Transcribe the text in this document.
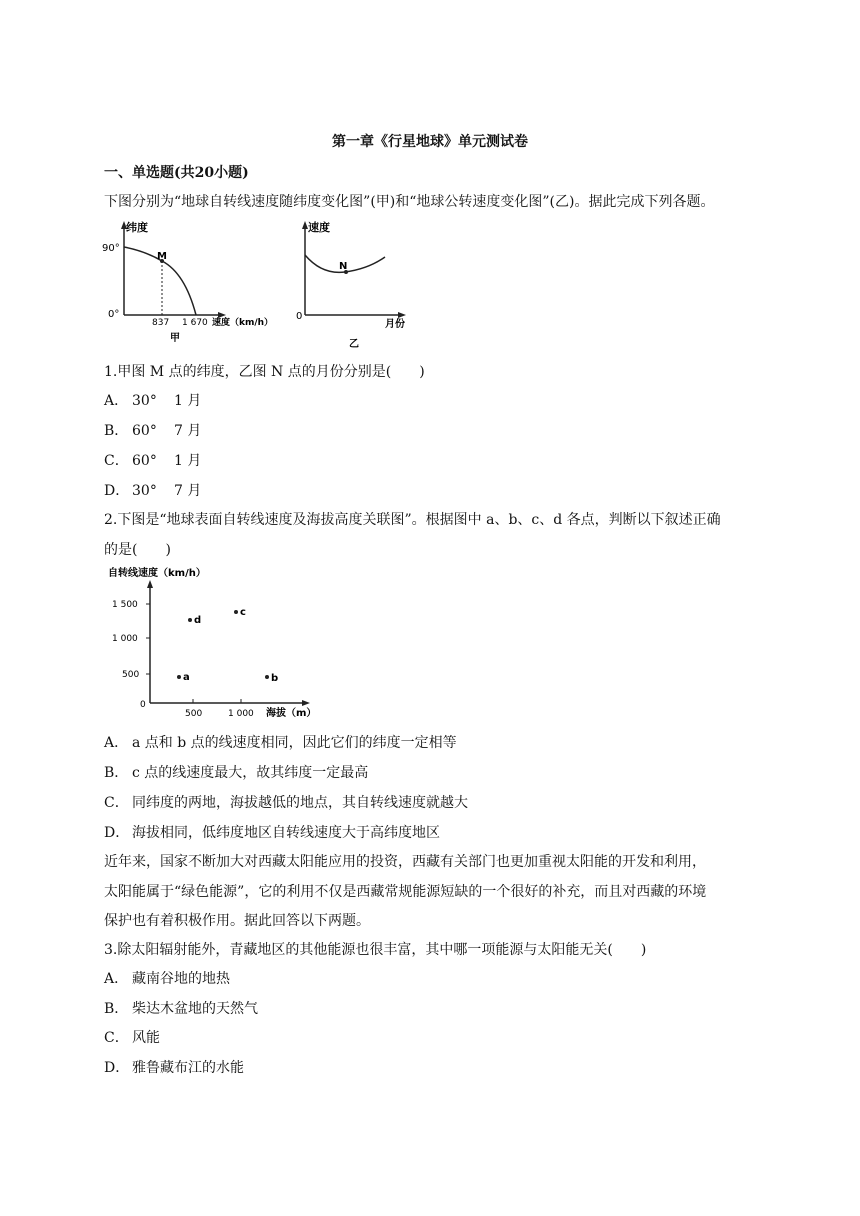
第一章《行星地球》单元测试卷
一、单选题(共20小题)
下图分别为“地球自转线速度随纬度变化图”(甲)和“地球公转速度变化图”(乙)。据此完成下列各题。
纬度
90°
0°
M
837 1 670 速度（km/h）
甲
速度
0
N
月份
乙
1.甲图 M 点的纬度，乙图 N 点的月份分别是(　　)
A． 30° 1 月
B． 60° 7 月
C． 60° 1 月
D． 30° 7 月
2.下图是“地球表面自转线速度及海拔高度关联图”。根据图中 a、b、c、d 各点，判断以下叙述正确
的是(　　)
自转线速度（km/h）
1 500
1 000
500
0
500	1 000 海拔（m）
d
c
a	b
A． a 点和 b 点的线速度相同，因此它们的纬度一定相等
B． c 点的线速度最大，故其纬度一定最高
C． 同纬度的两地，海拔越低的地点，其自转线速度就越大
D． 海拔相同，低纬度地区自转线速度大于高纬度地区
近年来，国家不断加大对西藏太阳能应用的投资，西藏有关部门也更加重视太阳能的开发和利用，
太阳能属于“绿色能源”，它的利用不仅是西藏常规能源短缺的一个很好的补充，而且对西藏的环境
保护也有着积极作用。据此回答以下两题。
3.除太阳辐射能外，青藏地区的其他能源也很丰富，其中哪一项能源与太阳能无关(　　)
A． 藏南谷地的地热
B． 柴达木盆地的天然气
C． 风能
D． 雅鲁藏布江的水能
